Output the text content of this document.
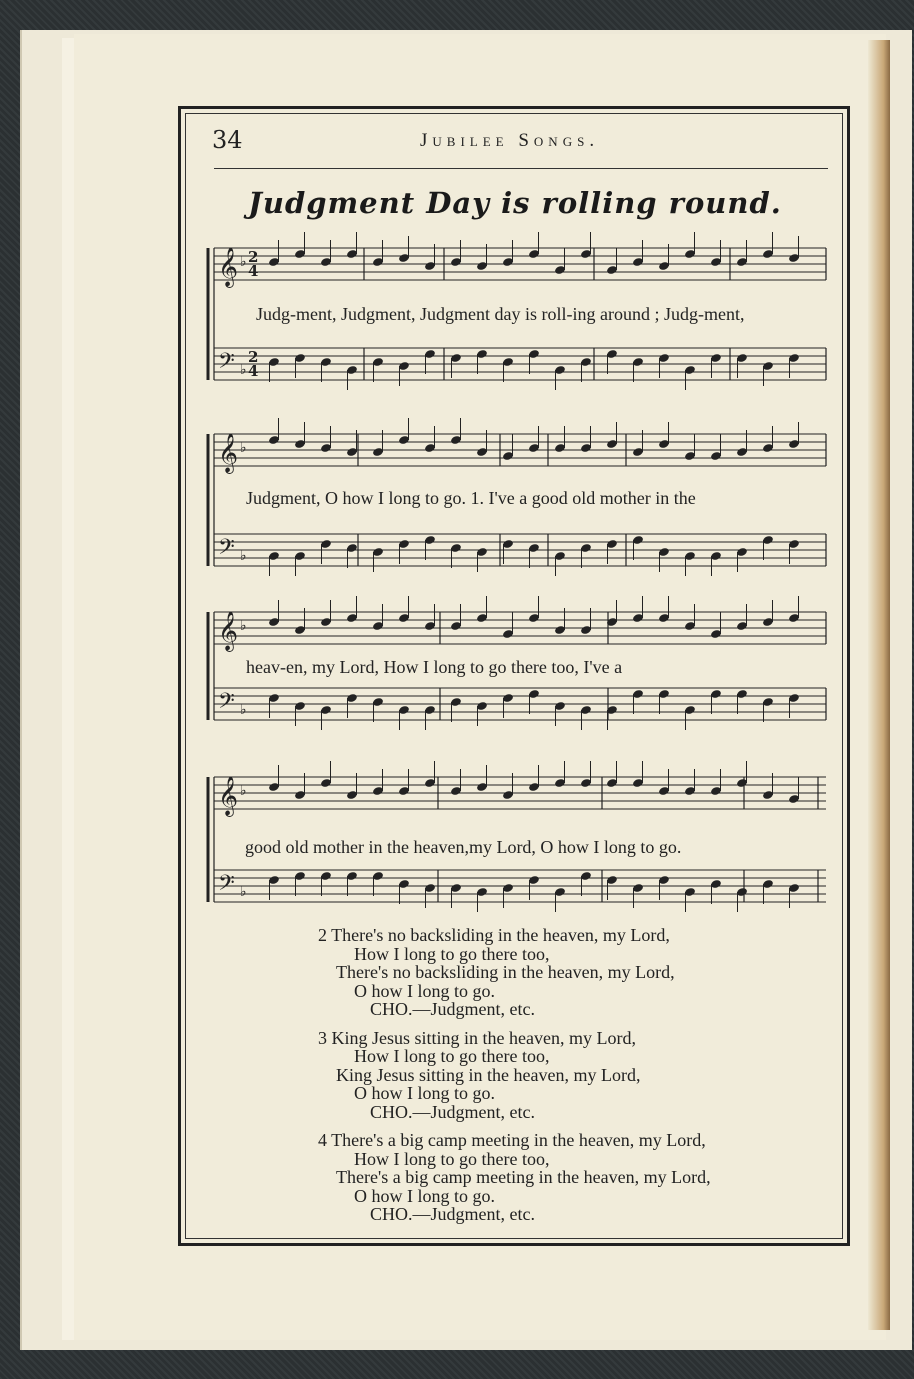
34	Jubilee Songs.
Judgment Day is rolling round.
𝄞
𝄢
♭
♭
2
4
2
4
𝄞
𝄢
♭
♭
𝄞
𝄢
♭
♭
𝄞
𝄢
♭
♭
Judg-ment, Judgment, Judgment day is roll-ing around ; Judg-ment,
Judgment, O how I long to go. 1. I've a good old mother in the
heav-en, my Lord, How I long to go there too, I've a
good old mother in the heaven,my Lord, O how I long to go.
2 There's no backsliding in the heaven, my Lord,
How I long to go there too,
There's no backsliding in the heaven, my Lord,
O how I long to go.
CHO.—Judgment, etc.
3 King Jesus sitting in the heaven, my Lord,
How I long to go there too,
King Jesus sitting in the heaven, my Lord,
O how I long to go.
CHO.—Judgment, etc.
4 There's a big camp meeting in the heaven, my Lord,
How I long to go there too,
There's a big camp meeting in the heaven, my Lord,
O how I long to go.
CHO.—Judgment, etc.
